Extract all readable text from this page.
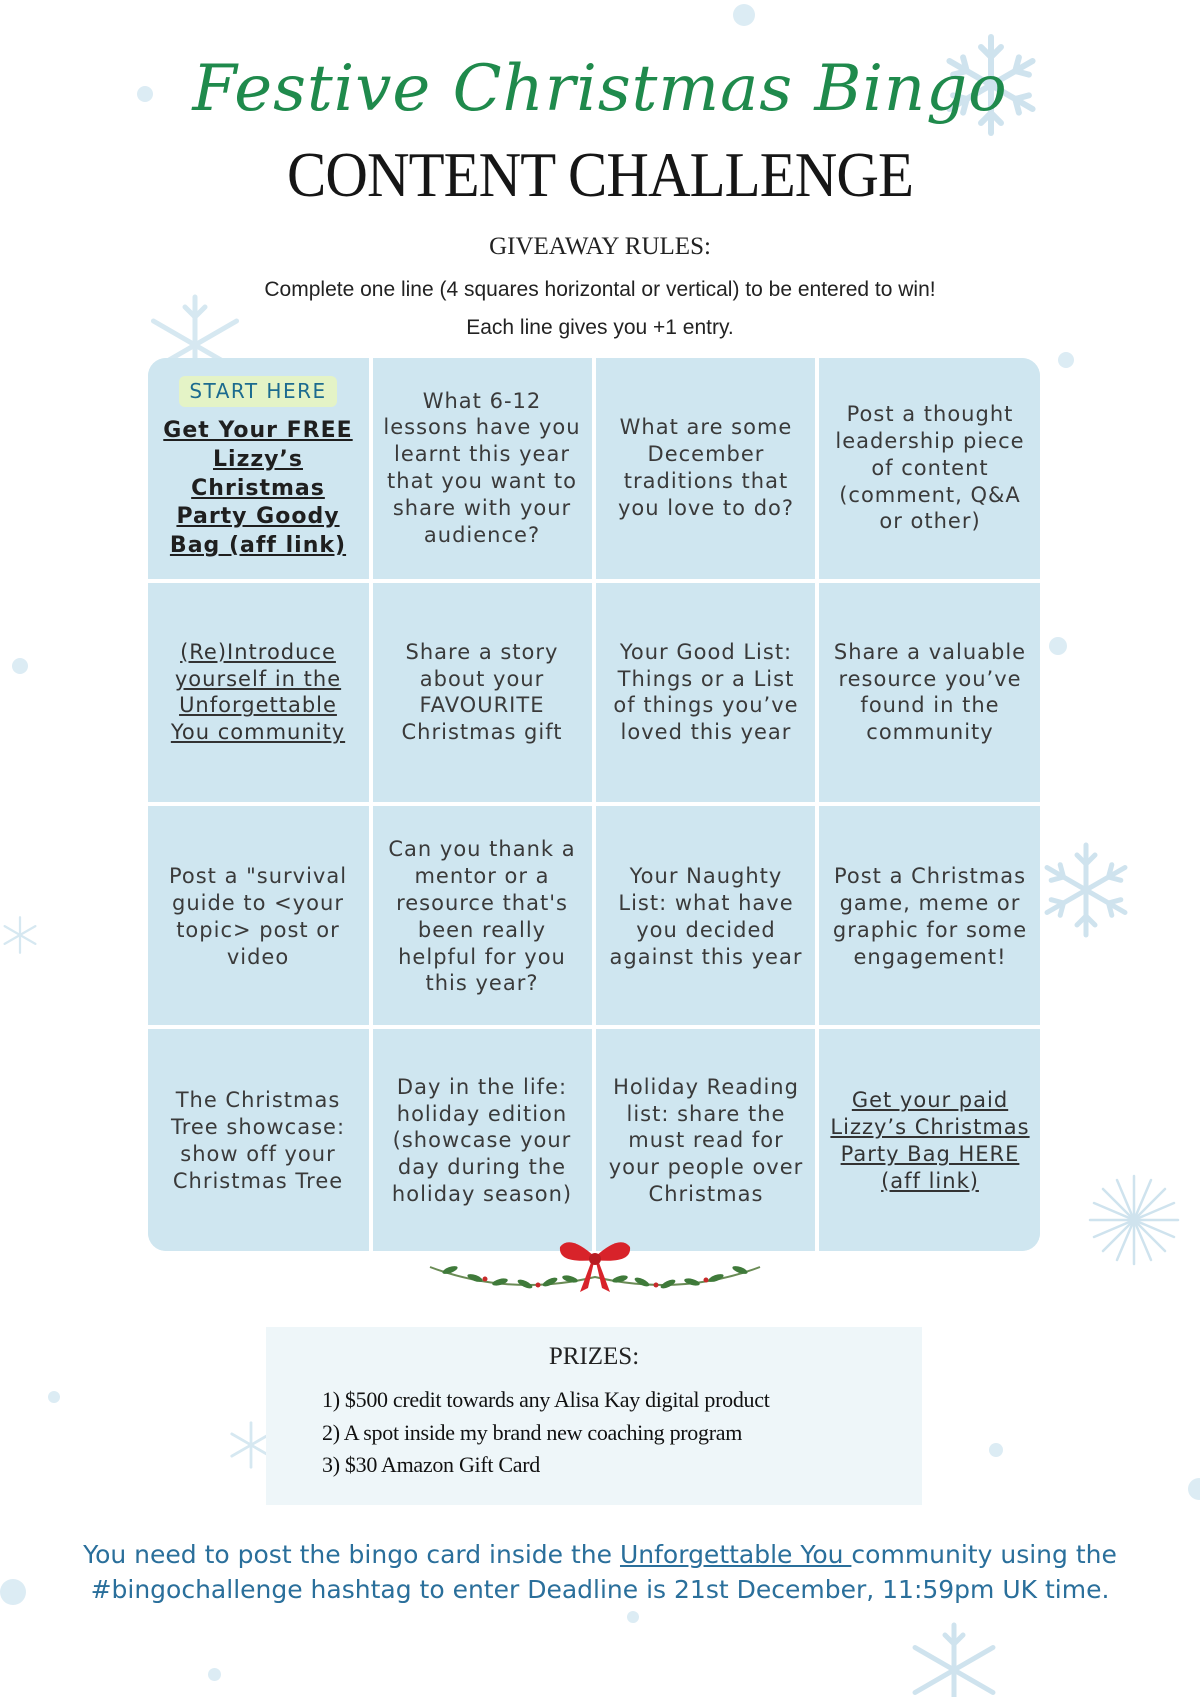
Festive Christmas Bingo
CONTENT CHALLENGE
GIVEAWAY RULES:
Complete one line (4 squares horizontal or vertical) to be entered to win!
Each line gives you +1 entry.
START HERE
Get Your FREE Lizzy’s Christmas Party Goody Bag (aff link)
What 6-12 lessons have you learnt this year that you want to share with your audience?
What are some December traditions that you love to do?
Post a thought leadership piece of content (comment, Q&A or other)
(Re)Introduce yourself in the Unforgettable You community
Share a story about your FAVOURITE Christmas gift
Your Good List: Things or a List of things you’ve loved this year
Share a valuable resource you’ve found in the community
Post a "survival guide to <your topic> post or video
Can you thank a mentor or a resource that's been really helpful for you this year?
Your Naughty List: what have you decided against this year
Post a Christmas game, meme or graphic for some engagement!
The Christmas Tree showcase: show off your Christmas Tree
Day in the life: holiday edition (showcase your day during the holiday season)
Holiday Reading list: share the must read for your people over Christmas
Get your paid Lizzy’s Christmas Party Bag HERE (aff link)
PRIZES:
1) $500 credit towards any Alisa Kay digital product
2) A spot inside my brand new coaching program
3) $30 Amazon Gift Card
You need to post the bingo card inside the Unforgettable You community using the #bingochallenge hashtag to enter Deadline is 21st December, 11:59pm UK time.
